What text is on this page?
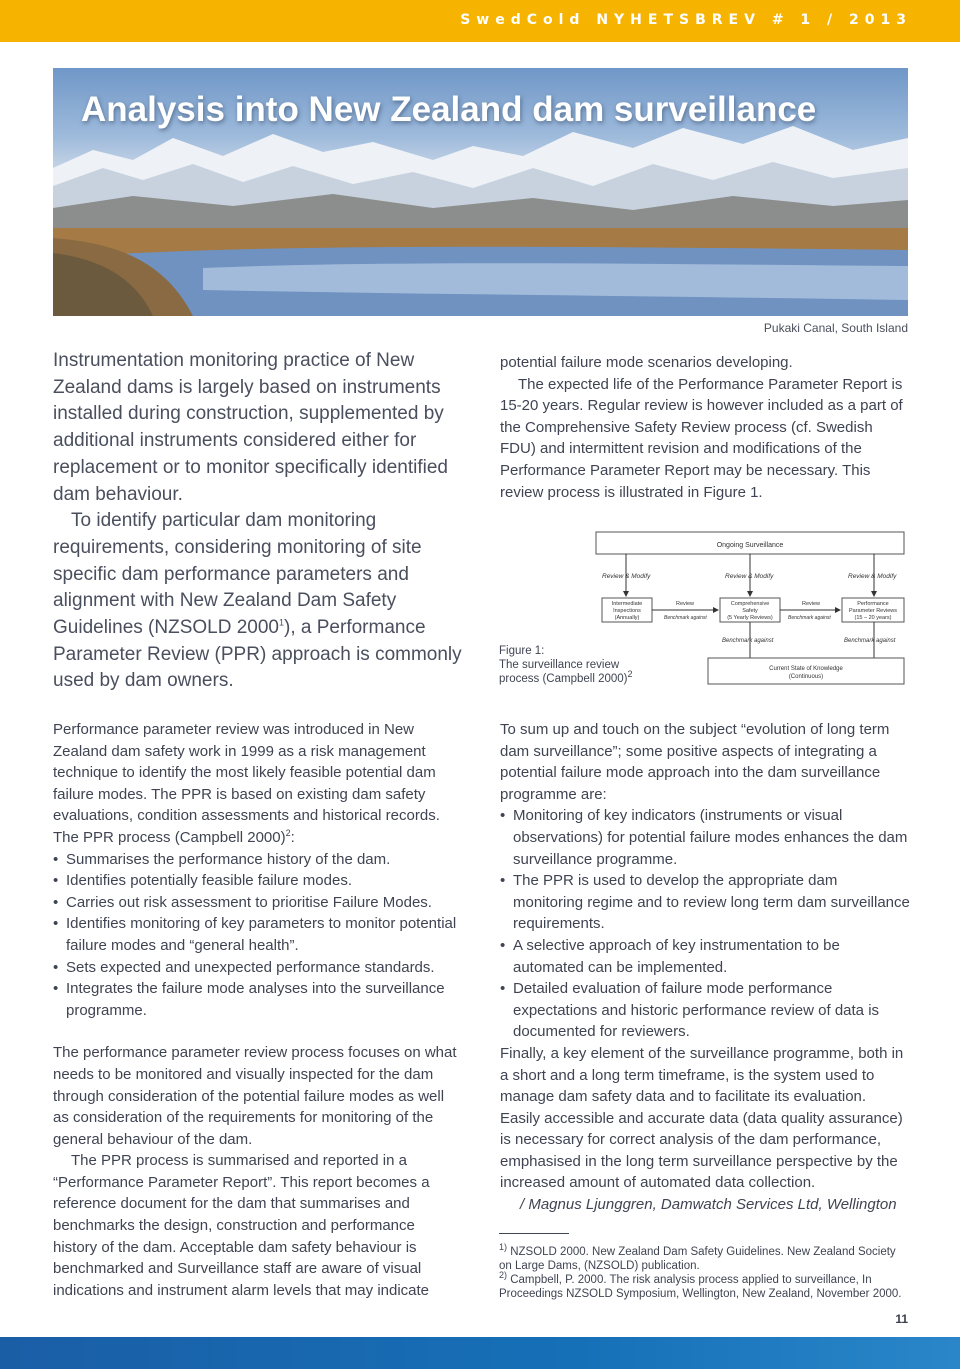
SwedCold NYHETSBREV # 1 / 2013
Analysis into New Zealand dam surveillance
Pukaki Canal, South Island

Instrumentation monitoring practice of New Zealand dams is largely based on instruments installed during construction, supplemented by additional instruments considered either for replacement or to monitor specifically identified dam behaviour.

To identify particular dam monitoring requirements, considering monitoring of site specific dam performance parameters and alignment with New Zealand Dam Safety Guidelines (NZSOLD 2000$^1$), a Performance Parameter Review (PPR) approach is commonly used by dam owners.

potential failure mode scenarios developing.

The expected life of the Performance Parameter Report is 15-20 years. Regular review is however included as a part of the Comprehensive Safety Review process (cf. Swedish FDU) and intermittent revision and modifications of the Performance Parameter Report may be necessary. This review process is illustrated in Figure 1.

Figure 1:

The surveillance review process (Campbell 2000)$^2$

Ongoing Surveillance
Review & Modify	Review & Modify	Review & Modify
Intermediate
Inspections
(Annually)
Comprehensive
Safety
(5 Yearly Reviews)
Performance
Parameter Reviews
(15 – 20 years)
Review	Review
Benchmark against	Benchmark against
Benchmark against	Benchmark against
Current State of Knowledge
(Continuous)

Performance parameter review was introduced in New Zealand dam safety work in 1999 as a risk management technique to identify the most likely feasible potential dam failure modes. The PPR is based on existing dam safety evaluations, condition assessments and historical records. The PPR process (Campbell 2000)$^2$:

• Summarises the performance history of the dam.
• Identifies potentially feasible failure modes.
• Carries out risk assessment to prioritise Failure Modes.
• Identifies monitoring of key parameters to monitor potential failure modes and “general health”.
• Sets expected and unexpected performance standards.
• Integrates the failure mode analyses into the surveillance programme.

The performance parameter review process focuses on what needs to be monitored and visually inspected for the dam through consideration of the potential failure modes as well as consideration of the requirements for monitoring of the general behaviour of the dam.

The PPR process is summarised and reported in a “Performance Parameter Report”. This report becomes a reference document for the dam that summarises and benchmarks the design, construction and performance history of the dam. Acceptable dam safety behaviour is benchmarked and Surveillance staff are aware of visual indications and instrument alarm levels that may indicate

To sum up and touch on the subject “evolution of long term dam surveillance”; some positive aspects of integrating a potential failure mode approach into the dam surveillance programme are:

• Monitoring of key indicators (instruments or visual observations) for potential failure modes enhances the dam surveillance programme.
• The PPR is used to develop the appropriate dam monitoring regime and to review long term dam surveillance requirements.
• A selective approach of key instrumentation to be automated can be implemented.
• Detailed evaluation of failure mode performance expectations and historic performance review of data is documented for reviewers.

Finally, a key element of the surveillance programme, both in a short and a long term timeframe, is the system used to manage dam safety data and to facilitate its evaluation. Easily accessible and accurate data (data quality assurance) is necessary for correct analysis of the dam performance, emphasised in the long term surveillance perspective by the increased amount of automated data collection.

/ Magnus Ljunggren, Damwatch Services Ltd, Wellington

$^{1)}$ NZSOLD 2000. New Zealand Dam Safety Guidelines. New Zealand Society on Large Dams, (NZSOLD) publication.

$^{2)}$ Campbell, P. 2000. The risk analysis process applied to surveillance, In Proceedings NZSOLD Symposium, Wellington, New Zealand, November 2000.

11
